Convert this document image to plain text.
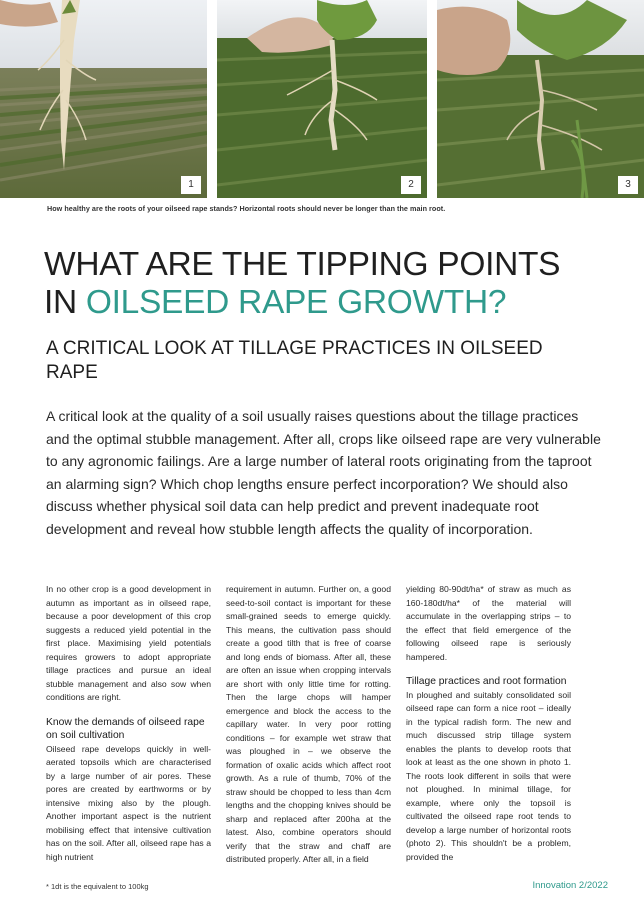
1	2	3
How healthy are the roots of your oilseed rape stands? Horizontal roots should never be longer than the main root.
WHAT ARE THE TIPPING POINTS
IN OILSEED RAPE GROWTH?
A CRITICAL LOOK AT TILLAGE PRACTICES IN OILSEED RAPE

A critical look at the quality of a soil usually raises questions about the tillage practices and the optimal stubble management. After all, crops like oilseed rape are very vulnerable to any agronomic failings. Are a large number of lateral roots originating from the taproot an alarming sign? Which chop lengths ensure perfect incorporation? We should also discuss whether physical soil data can help predict and prevent inadequate root development and reveal how stubble length affects the quality of incorporation.

In no other crop is a good development in autumn as important as in oilseed rape, because a poor development of this crop suggests a reduced yield potential in the first place. Maximising yield potentials requires growers to adopt appropriate tillage practices and pursue an ideal stubble management and also sow when conditions are right.

Know the demands of oilseed rape on soil cultivation

Oilseed rape develops quickly in well-aerated topsoils which are characterised by a large number of air pores. These pores are created by earthworms or by intensive mixing also by the plough. Another important aspect is the nutrient mobilising effect that intensive cultivation has on the soil. After all, oilseed rape has a high nutrient

requirement in autumn. Further on, a good seed-to-soil contact is important for these small-grained seeds to emerge quickly. This means, the cultivation pass should create a good tilth that is free of coarse and long ends of biomass. After all, these are often an issue when cropping intervals are short with only little time for rotting. Then the large chops will hamper emergence and block the access to the capillary water. In very poor rotting conditions – for example wet straw that was ploughed in – we observe the formation of oxalic acids which affect root growth. As a rule of thumb, 70% of the straw should be chopped to less than 4cm lengths and the chopping knives should be sharp and replaced after 200ha at the latest. Also, combine operators should verify that the straw and chaff are distributed properly. After all, in a field

yielding 80-90dt/ha* of straw as much as 160-180dt/ha* of the material will accumulate in the overlapping strips – to the effect that field emergence of the following oilseed rape is seriously hampered.

Tillage practices and root formation

In ploughed and suitably consolidated soil oilseed rape can form a nice root – ideally in the typical radish form. The new and much discussed strip tillage system enables the plants to develop roots that look at least as the one shown in photo 1. The roots look different in soils that were not ploughed. In minimal tillage, for example, where only the topsoil is cultivated the oilseed rape root tends to develop a large number of horizontal roots (photo 2). This shouldn't be a problem, provided the

* 1dt is the equivalent to 100kg	Innovation 2/2022
